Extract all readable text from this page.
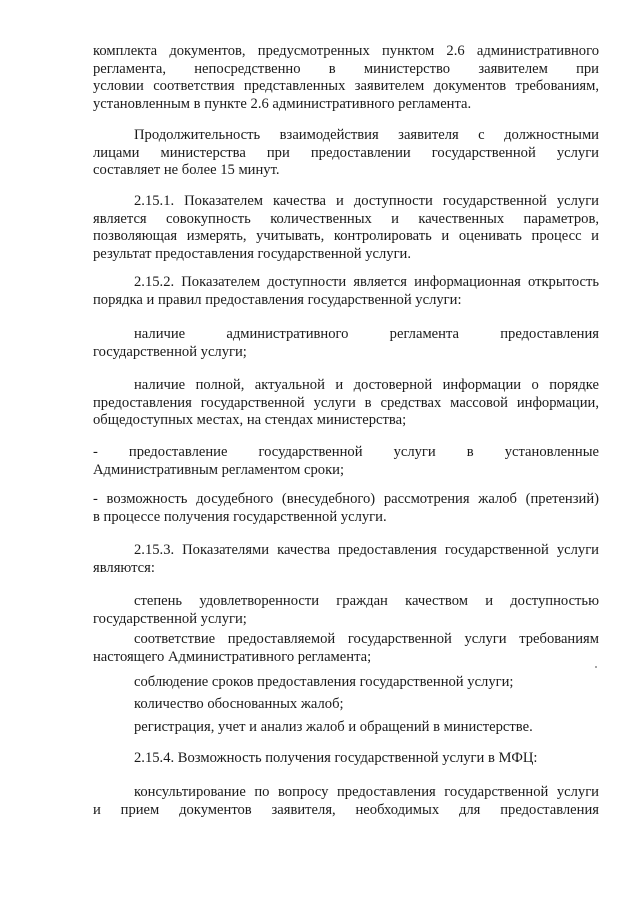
комплекта документов, предусмотренных пунктом 2.6 административного
регламента, непосредственно в министерство заявителем при
условии соответствия представленных заявителем документов требованиям,
установленным в пункте 2.6 административного регламента.
Продолжительность взаимодействия заявителя с должностными
лицами министерства при предоставлении государственной услуги
составляет не более 15 минут.
2.15.1. Показателем качества и доступности государственной услуги
является совокупность количественных и качественных параметров,
позволяющая измерять, учитывать, контролировать и оценивать процесс и
результат предоставления государственной услуги.
2.15.2. Показателем доступности является информационная открытость
порядка и правил предоставления государственной услуги:
наличие административного регламента предоставления
государственной услуги;
наличие полной, актуальной и достоверной информации о порядке
предоставления государственной услуги в средствах массовой информации,
общедоступных местах, на стендах министерства;
- предоставление государственной услуги в установленные
Административным регламентом сроки;
- возможность досудебного (внесудебного) рассмотрения жалоб (претензий)
в процессе получения государственной услуги.
2.15.3. Показателями качества предоставления государственной услуги
являются:
степень удовлетворенности граждан качеством и доступностью
государственной услуги;
соответствие предоставляемой государственной услуги требованиям
настоящего Административного регламента;
соблюдение сроков предоставления государственной услуги;
количество обоснованных жалоб;
регистрация, учет и анализ жалоб и обращений в министерстве.
2.15.4. Возможность получения государственной услуги в МФЦ:
консультирование по вопросу предоставления государственной услуги
и прием документов заявителя, необходимых для предоставления
